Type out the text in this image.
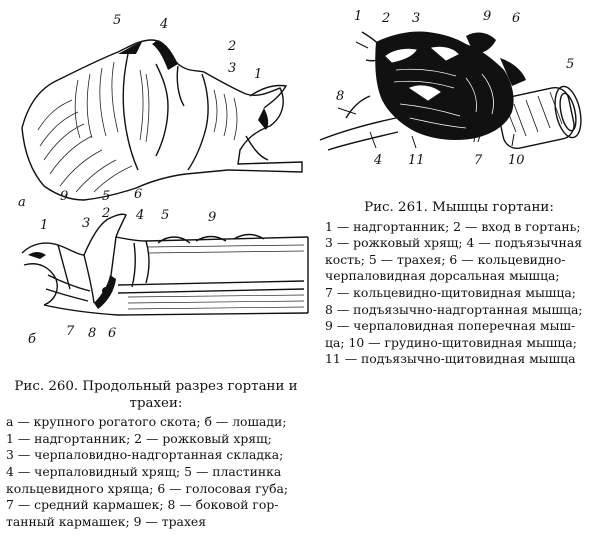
5	4
2
3 1
а	9	5 6
2
3
1
4 5	9
7 8 6
б
1 2 3	9 6
5
8
4 11	7 10
Рис. 261. Мышцы гортани:
1 — надгортанник; 2 — вход в гортань;
3 — рожковый хрящ; 4 — подъязычная
кость; 5 — трахея; 6 — кольцевидно-
черпаловидная дорсальная мышца;
7 — кольцевидно-щитовидная мышца;
8 — подъязычно-надгортанная мышца;
9 — черпаловидная поперечная мыш-
ца; 10 — грудино-щитовидная мышца;
11 — подъязычно-щитовидная мышца
Рис. 260. Продольный разрез гортани и трахеи:
а — крупного рогатого скота; б — лошади;
1 — надгортанник; 2 — рожковый хрящ;
3 — черпаловидно-надгортанная складка;
4 — черпаловидный хрящ; 5 — пластинка
кольцевидного хряща; 6 — голосовая губа;
7 — средний кармашек; 8 — боковой гор-
танный кармашек; 9 — трахея
